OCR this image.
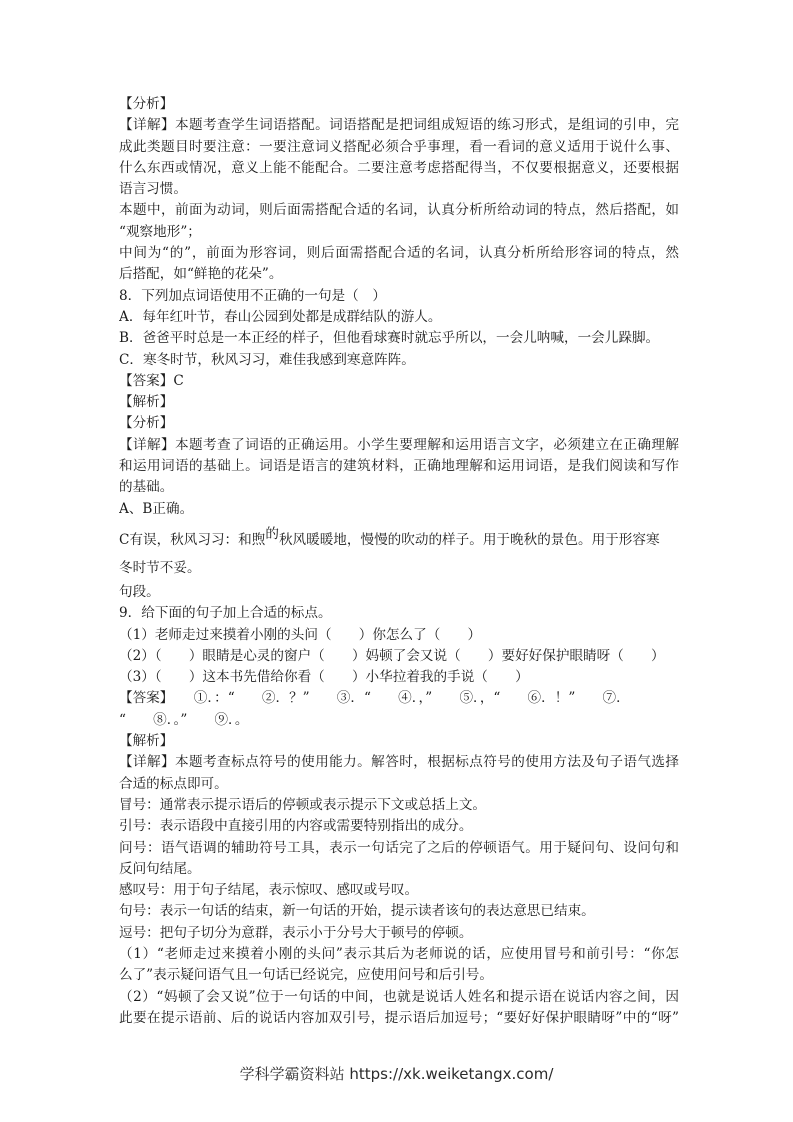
【分析】
【详解】本题考查学生词语搭配。词语搭配是把词组成短语的练习形式，是组词的引申，完
成此类题目时要注意：一要注意词义搭配必须合乎事理，看一看词的意义适用于说什么事、
什么东西或情况，意义上能不能配合。二要注意考虑搭配得当，不仅要根据意义，还要根据
语言习惯。
本题中，前面为动词，则后面需搭配合适的名词，认真分析所给动词的特点，然后搭配，如
“观察地形”；
中间为“的”，前面为形容词，则后面需搭配合适的名词，认真分析所给形容词的特点，然
后搭配，如“鲜艳的花朵”。
8．下列加点词语使用不正确的一句是（　）
A．每年红叶节，春山公园到处都是成群结队的游人。
B．爸爸平时总是一本正经的样子，但他看球赛时就忘乎所以，一会儿呐喊，一会儿跺脚。
C．寒冬时节，秋风习习，难佳我感到寒意阵阵。
【答案】C
【解析】
【分析】
【详解】本题考查了词语的正确运用。小学生要理解和运用语言文字，必须建立在正确理解
和运用词语的基础上。词语是语言的建筑材料，正确地理解和运用词语，是我们阅读和写作
的基础。
A、B正确。
C有误，秋风习习：和煦的秋风暖暖地，慢慢的吹动的样子。用于晚秋的景色。用于形容寒
冬时节不妥。
句段。
9．给下面的句子加上合适的标点。
（1）老师走过来摸着小刚的头问（　　）你怎么了（　　）
（2）（　　）眼睛是心灵的窗户（　　）妈顿了会又说（　　）要好好保护眼睛呀（　　）
（3）（　　）这本书先借给你看（　　）小华拉着我的手说（　　）
【答案】　　①．：“　　②．？”　　③．“　　④．，”　　⑤．，“　　⑥．！”　　⑦．
“　　⑧．。”　　⑨．。
【解析】
【详解】本题考查标点符号的使用能力。解答时，根据标点符号的使用方法及句子语气选择
合适的标点即可。
冒号：通常表示提示语后的停顿或表示提示下文或总括上文。
引号：表示语段中直接引用的内容或需要特别指出的成分。
问号：语气语调的辅助符号工具，表示一句话完了之后的停顿语气。用于疑问句、设问句和
反问句结尾。
感叹号：用于句子结尾，表示惊叹、感叹或号叹。
句号：表示一句话的结束，新一句话的开始，提示读者该句的表达意思已结束。
逗号：把句子切分为意群，表示小于分号大于顿号的停顿。
（1）“老师走过来摸着小刚的头问”表示其后为老师说的话，应使用冒号和前引号：“你怎
么了”表示疑问语气且一句话已经说完，应使用问号和后引号。
（2）“妈顿了会又说”位于一句话的中间，也就是说话人姓名和提示语在说话内容之间，因
此要在提示语前、后的说话内容加双引号，提示语后加逗号；“要好好保护眼睛呀”中的“呀”
学科学霸资料站 https://xk.weiketangx.com/
